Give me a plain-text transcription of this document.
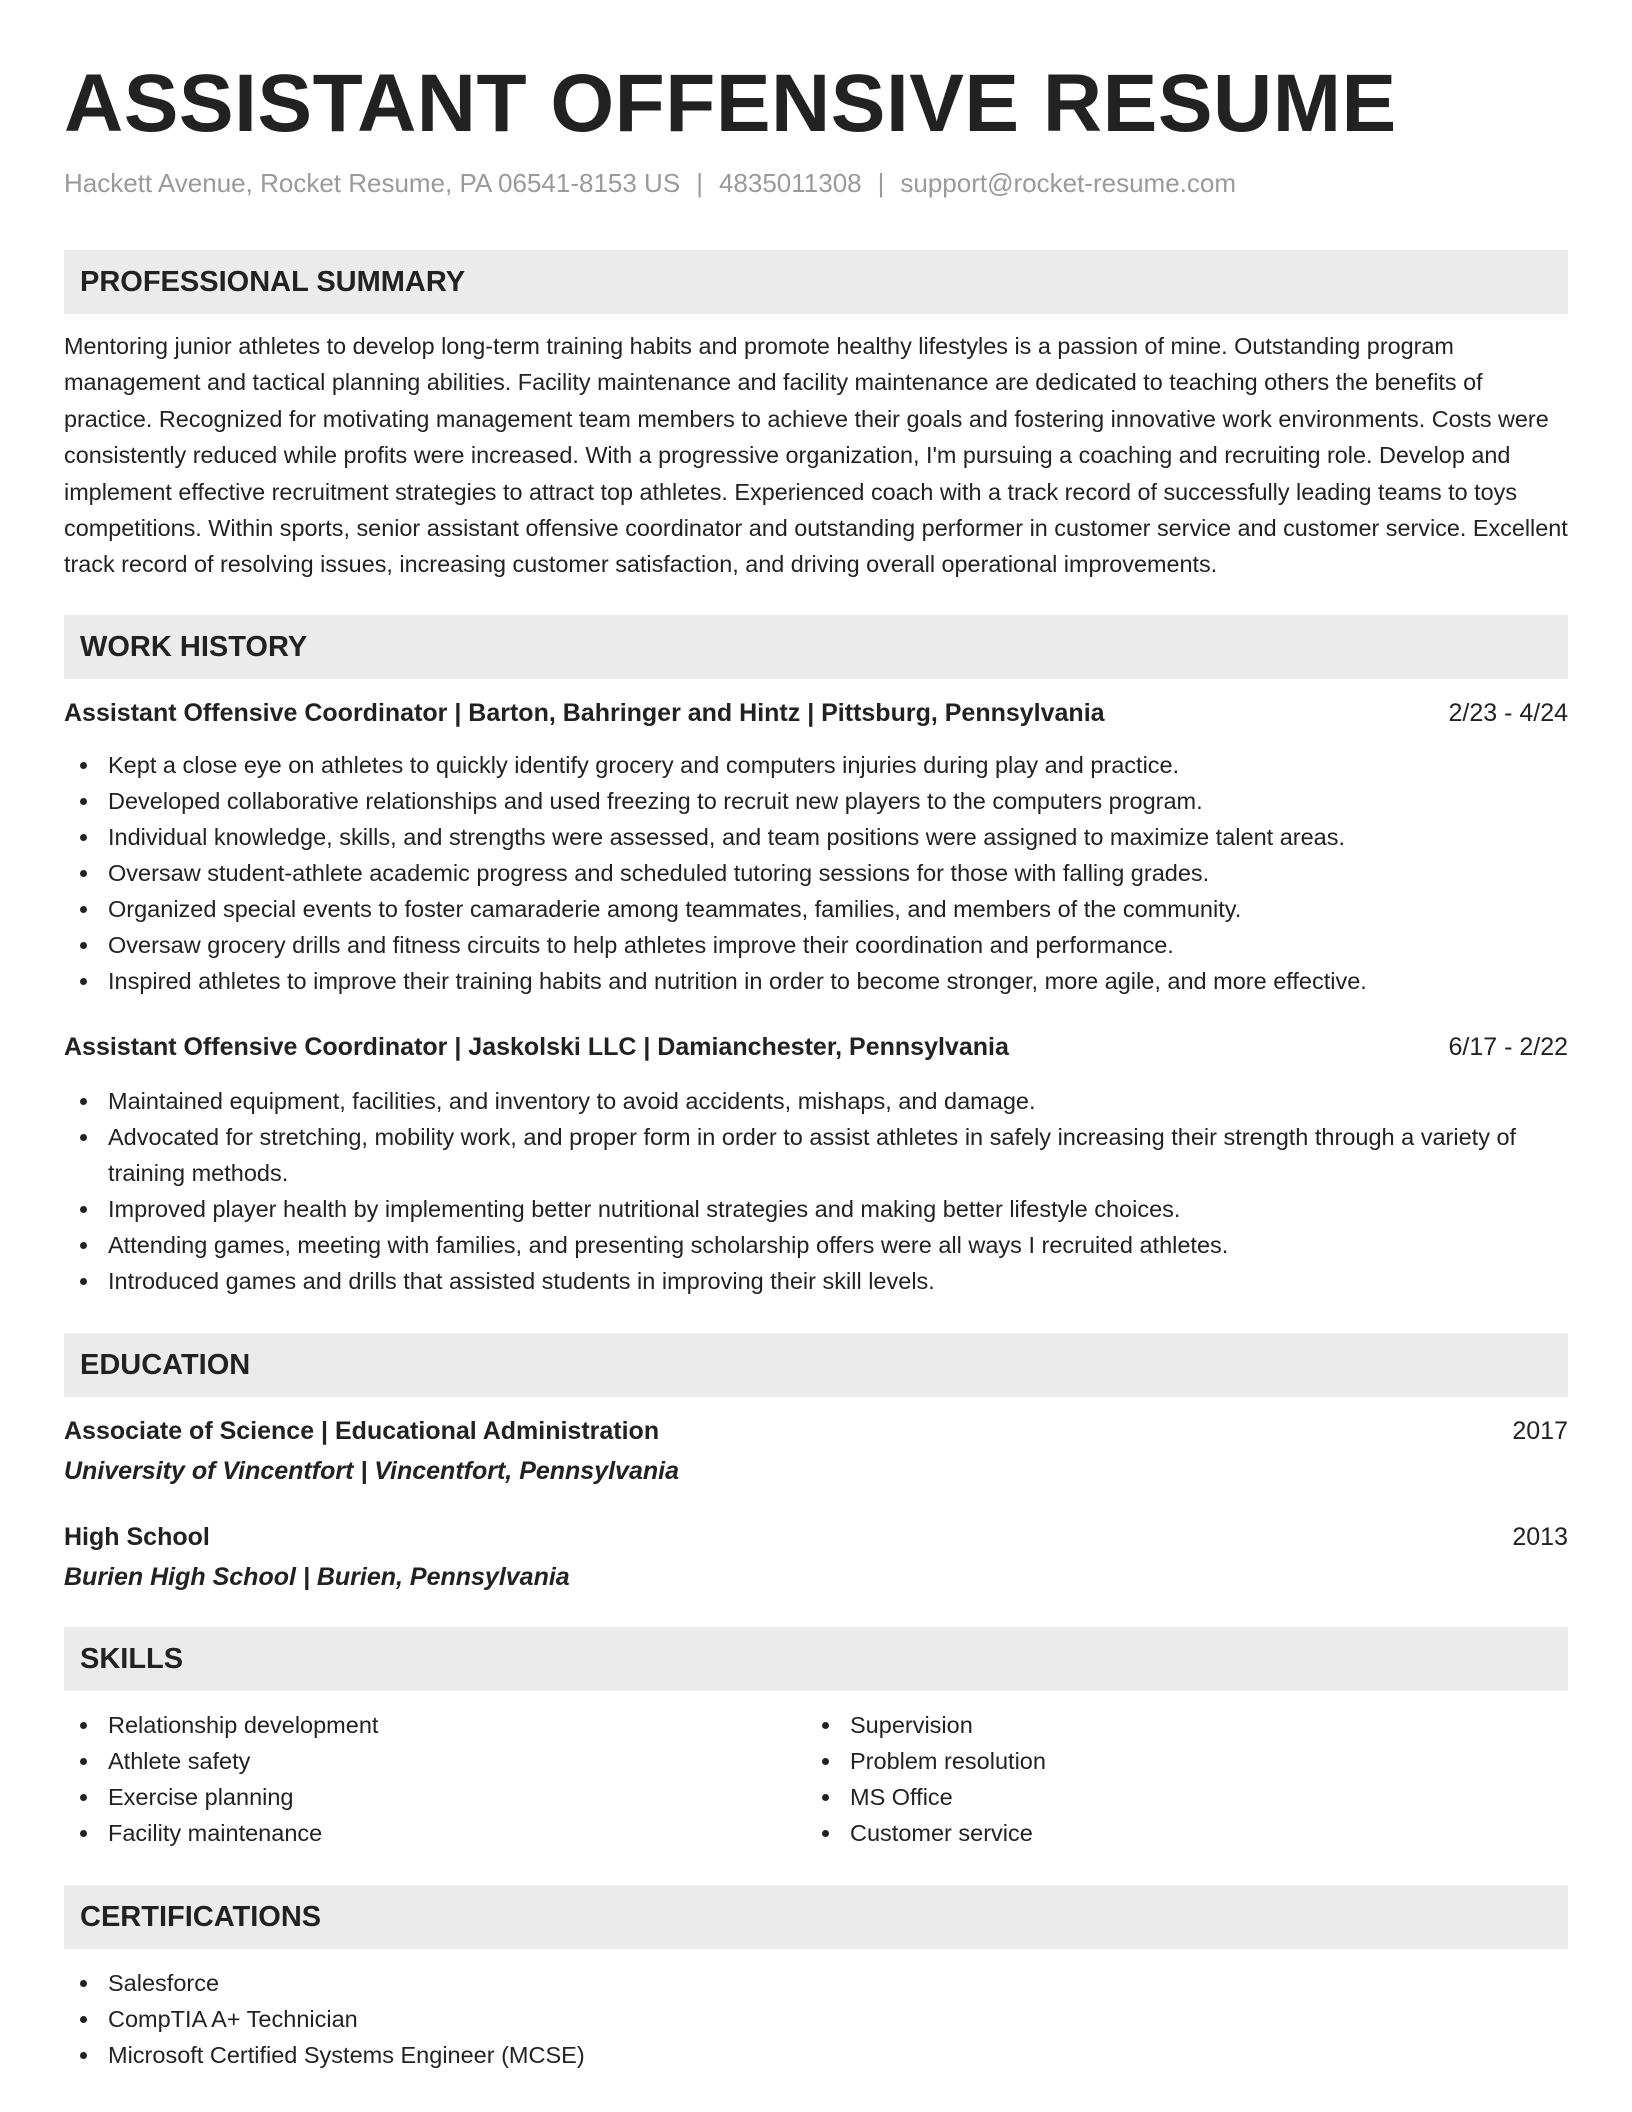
ASSISTANT OFFENSIVE RESUME
Hackett Avenue, Rocket Resume, PA 06541-8153 US | 4835011308 | support@rocket-resume.com
PROFESSIONAL SUMMARY
Mentoring junior athletes to develop long-term training habits and promote healthy lifestyles is a passion of mine. Outstanding program management and tactical planning abilities. Facility maintenance and facility maintenance are dedicated to teaching others the benefits of practice. Recognized for motivating management team members to achieve their goals and fostering innovative work environments. Costs were consistently reduced while profits were increased. With a progressive organization, I'm pursuing a coaching and recruiting role. Develop and implement effective recruitment strategies to attract top athletes. Experienced coach with a track record of successfully leading teams to toys competitions. Within sports, senior assistant offensive coordinator and outstanding performer in customer service and customer service. Excellent track record of resolving issues, increasing customer satisfaction, and driving overall operational improvements.
WORK HISTORY
Assistant Offensive Coordinator | Barton, Bahringer and Hintz | Pittsburg, Pennsylvania	2/23 - 4/24
Kept a close eye on athletes to quickly identify grocery and computers injuries during play and practice.
Developed collaborative relationships and used freezing to recruit new players to the computers program.
Individual knowledge, skills, and strengths were assessed, and team positions were assigned to maximize talent areas.
Oversaw student-athlete academic progress and scheduled tutoring sessions for those with falling grades.
Organized special events to foster camaraderie among teammates, families, and members of the community.
Oversaw grocery drills and fitness circuits to help athletes improve their coordination and performance.
Inspired athletes to improve their training habits and nutrition in order to become stronger, more agile, and more effective.
Assistant Offensive Coordinator | Jaskolski LLC | Damianchester, Pennsylvania	6/17 - 2/22
Maintained equipment, facilities, and inventory to avoid accidents, mishaps, and damage.
Advocated for stretching, mobility work, and proper form in order to assist athletes in safely increasing their strength through a variety of training methods.
Improved player health by implementing better nutritional strategies and making better lifestyle choices.
Attending games, meeting with families, and presenting scholarship offers were all ways I recruited athletes.
Introduced games and drills that assisted students in improving their skill levels.
EDUCATION
Associate of Science | Educational Administration	2017
University of Vincentfort | Vincentfort, Pennsylvania
High School	2013
Burien High School | Burien, Pennsylvania
SKILLS
Relationship development
Athlete safety
Exercise planning
Facility maintenance
Supervision
Problem resolution
MS Office
Customer service
CERTIFICATIONS
Salesforce
CompTIA A+ Technician
Microsoft Certified Systems Engineer (MCSE)
